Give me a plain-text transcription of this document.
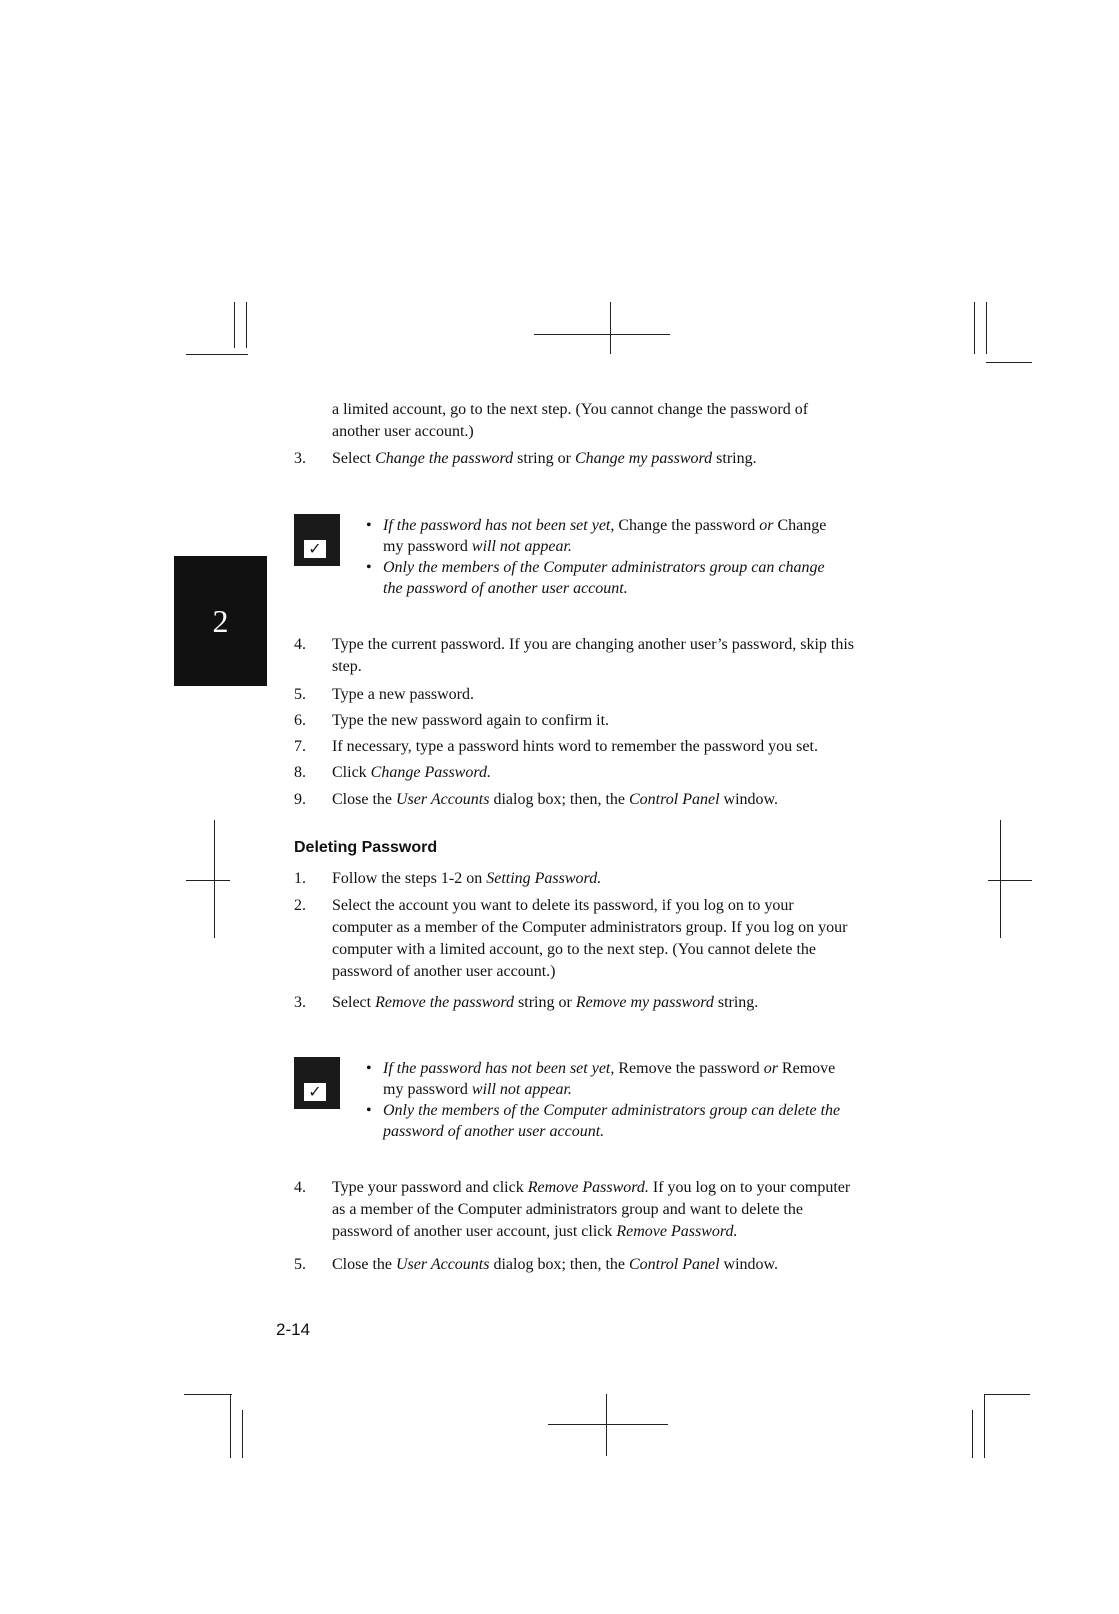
2
a limited account, go to the next step. (You cannot change the password of
another user account.)
3. Select Change the password string or Change my password string.
✓
• If the password has not been set yet, Change the password or Change
my password will not appear.
• Only the members of the Computer administrators group can change
the password of another user account.
4. Type the current password. If you are changing another user’s password, skip this
step.
5. Type a new password.
6. Type the new password again to confirm it.
7. If necessary, type a password hints word to remember the password you set.
8. Click Change Password.
9. Close the User Accounts dialog box; then, the Control Panel window.
Deleting Password
1. Follow the steps 1-2 on Setting Password.
2. Select the account you want to delete its password, if you log on to your
computer as a member of the Computer administrators group. If you log on your
computer with a limited account, go to the next step. (You cannot delete the
password of another user account.)
3. Select Remove the password string or Remove my password string.
✓
• If the password has not been set yet, Remove the password or Remove
my password will not appear.
• Only the members of the Computer administrators group can delete the
password of another user account.
4. Type your password and click Remove Password. If you log on to your computer
as a member of the Computer administrators group and want to delete the
password of another user account, just click Remove Password.
5. Close the User Accounts dialog box; then, the Control Panel window.
2-14
